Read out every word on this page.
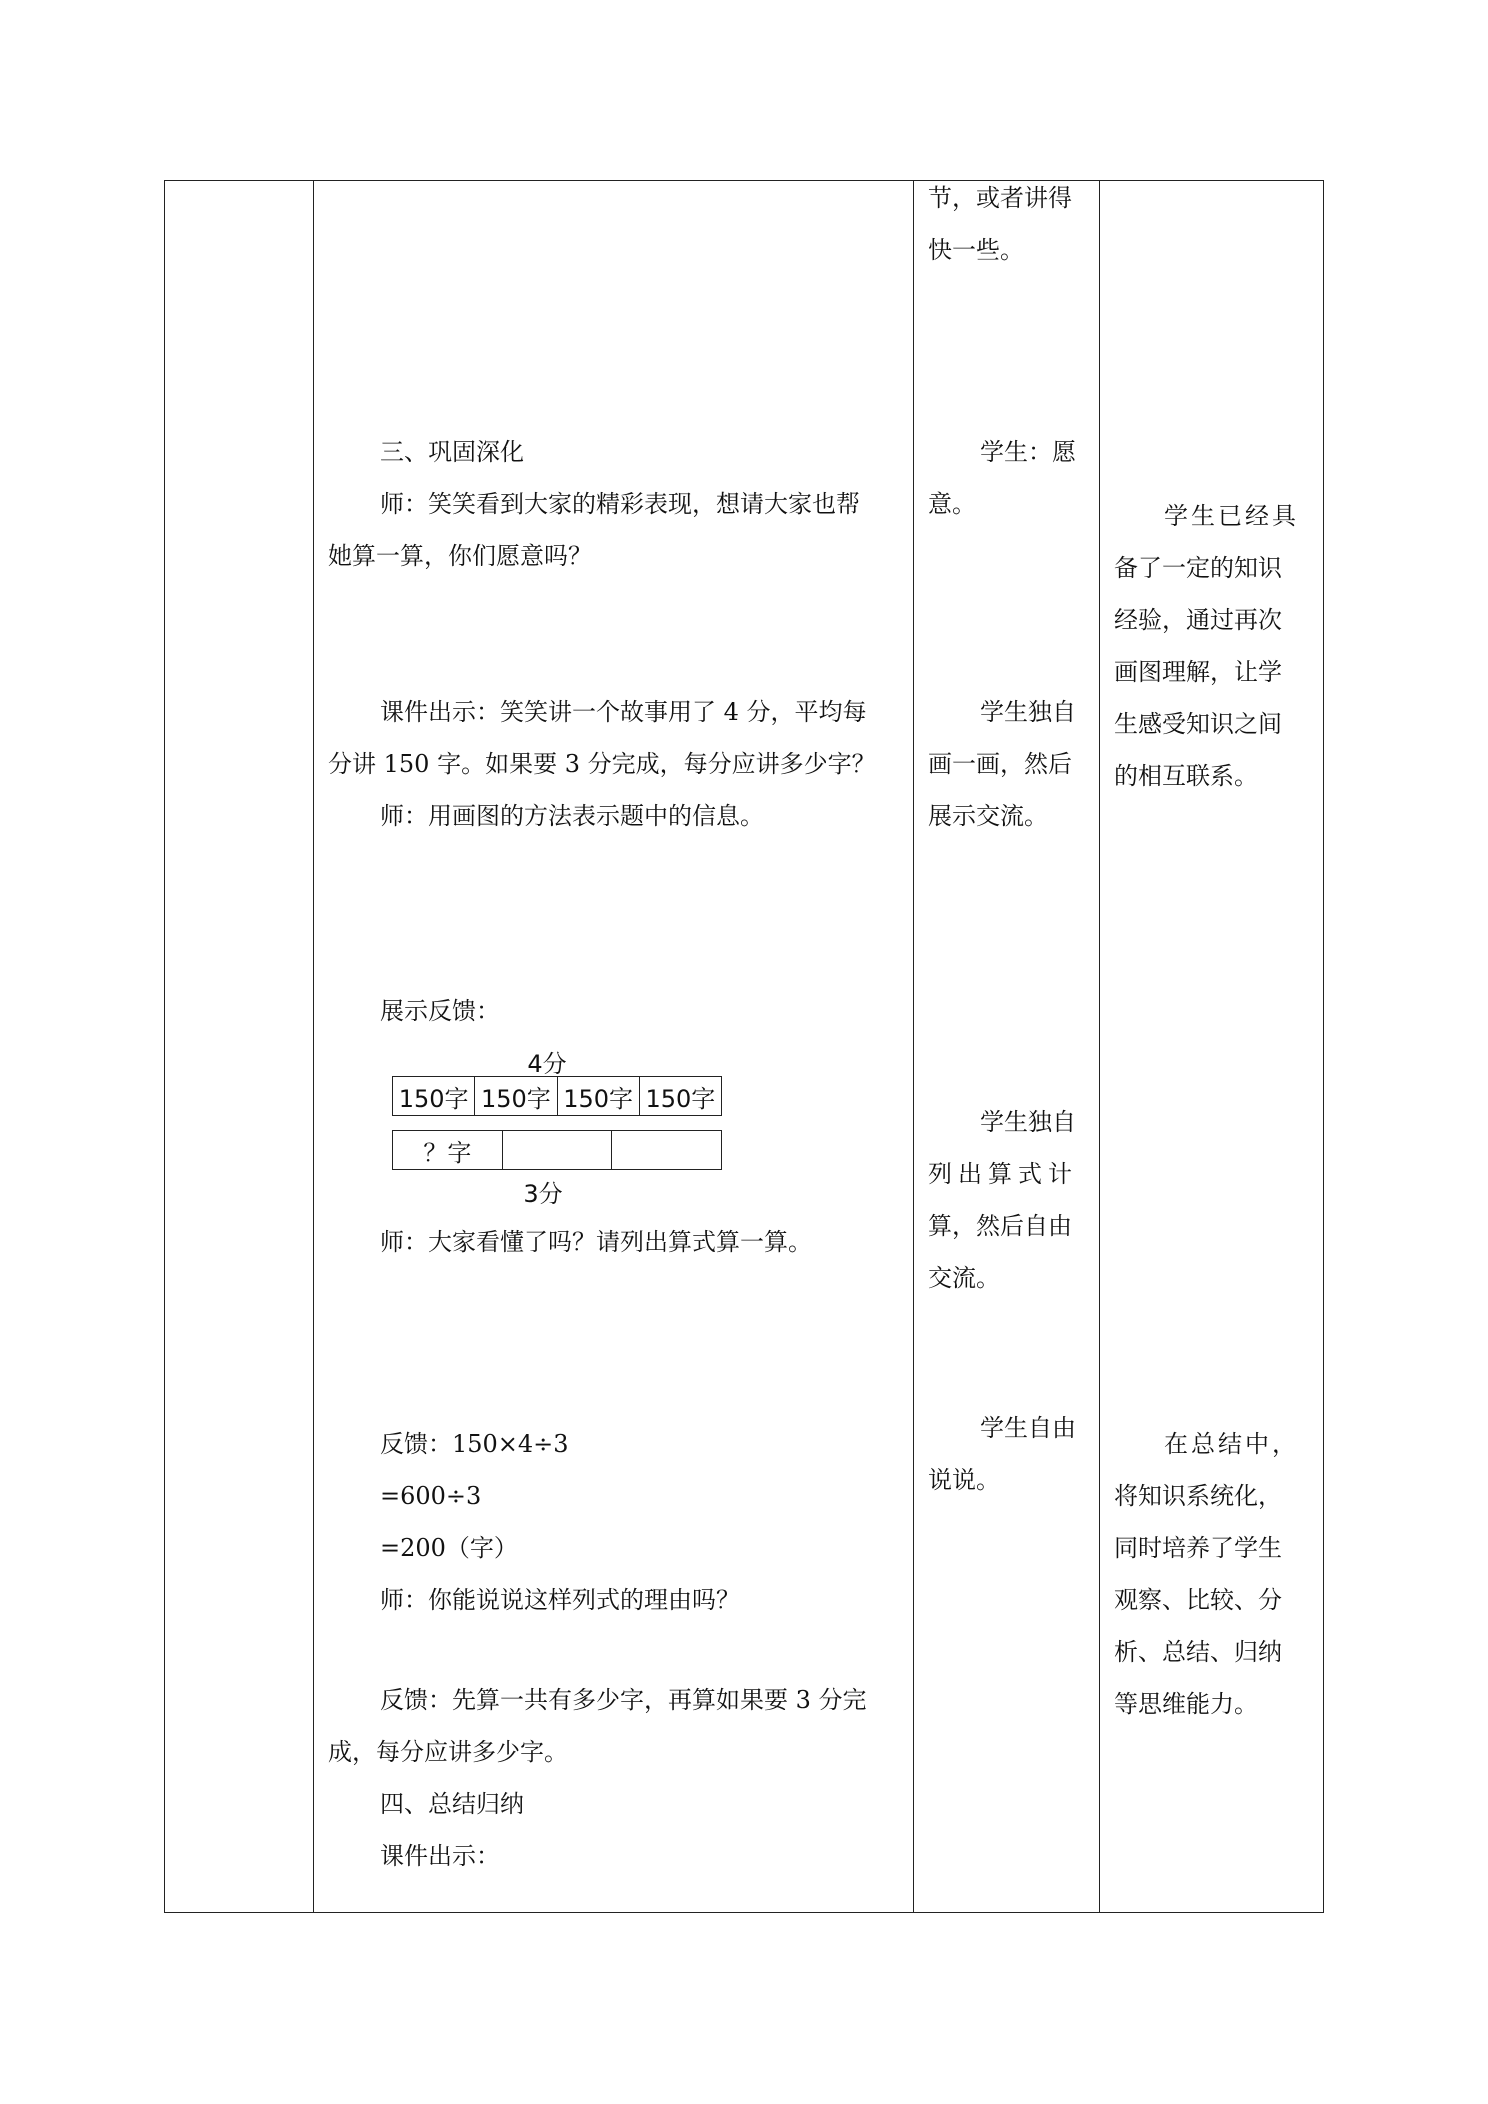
三、巩固深化
师：笑笑看到大家的精彩表现，想请大家也帮
她算一算，你们愿意吗？
课件出示：笑笑讲一个故事用了 4 分，平均每
分讲 150 字。如果要 3 分完成，每分应讲多少字？
师：用画图的方法表示题中的信息。
展示反馈：
4分
150字 150字 150字 150字
？字
3分
师：大家看懂了吗？请列出算式算一算。
反馈：150×4÷3
=600÷3
=200（字）
师：你能说说这样列式的理由吗？
反馈：先算一共有多少字，再算如果要 3 分完
成，每分应讲多少字。
四、总结归纳
课件出示：
节，或者讲得
快一些。
学生：愿
意。
学生独自
画一画，然后
展示交流。
学生独自
列出算式计
算，然后自由
交流。
学生自由
说说。
学生已经具
备了一定的知识
经验，通过再次
画图理解，让学
生感受知识之间
的相互联系。
在总结中，
将知识系统化，
同时培养了学生
观察、比较、分
析、总结、归纳
等思维能力。
